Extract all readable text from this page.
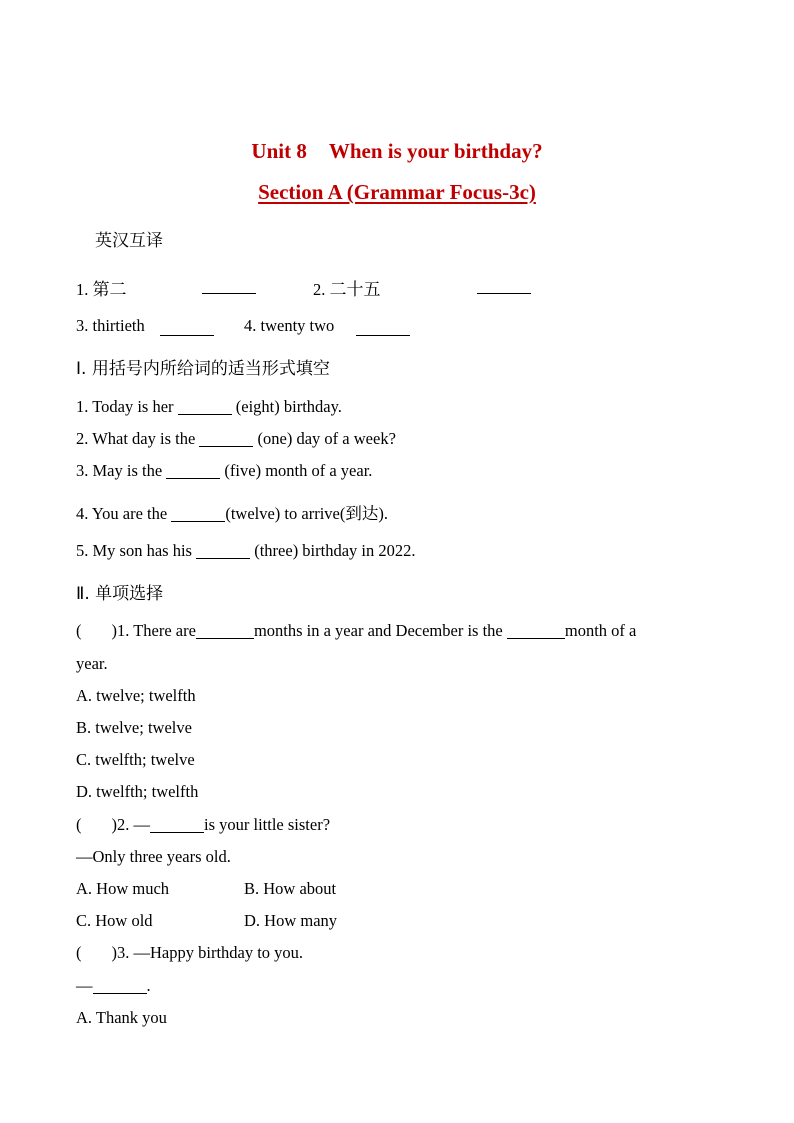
Unit 8 When is your birthday?
Section A (Grammar Focus-3c)
英汉互译
1. 第二	2. 二十五
3. thirtieth	4. twenty two
Ⅰ. 用括号内所给词的适当形式填空
1. Today is her	(eight) birthday.
2. What day is the	(one) day of a week?
3. May is the	(five) month of a year.
4. You are the	(twelve) to arrive(到达).
5. My son has his	(three) birthday in 2022.
Ⅱ. 单项选择
( )1. There are	months in a year and December is the	month of a
year.
A. twelve; twelfth
B. twelve; twelve
C. twelfth; twelve
D. twelfth; twelfth
( )2. —	is your little sister?
—Only three years old.
A. How much	B. How about
C. How old	D. How many
( )3. —Happy birthday to you.
—	.
A. Thank you
